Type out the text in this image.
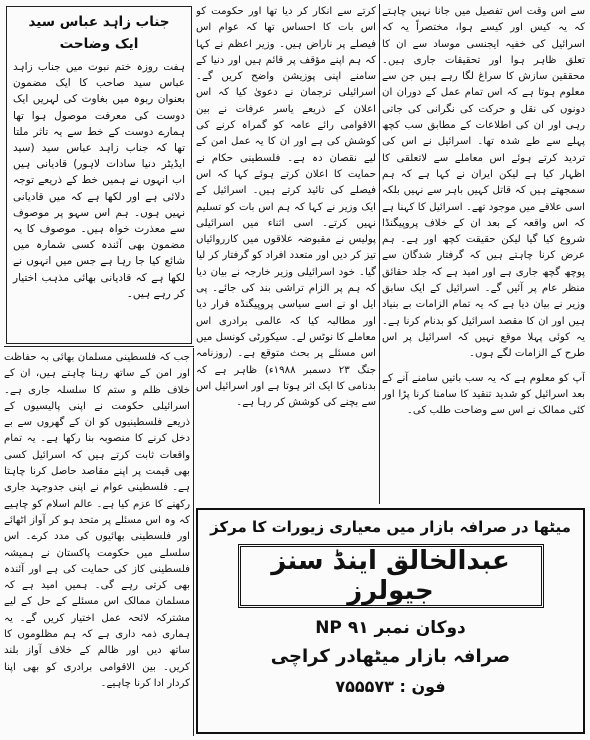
جناب زاہد عباس سید
ایک وضاحت

ہفت روزہ ختم نبوت میں جناب زاہد عباس سید صاحب کا ایک مضمون بعنوان ربوہ میں بغاوت کی لہریں ایک دوست کی معرفت موصول ہوا تھا ہمارے دوست کے خط سے یہ تاثر ملتا تھا کہ جناب زاہد عباس سید (سید ایڈیٹر دنیا سادات لاہور) قادیانی ہیں اب انہوں نے ہمیں خط کے ذریعے توجہ دلائی ہے اور لکھا ہے کہ میں قادیانی نہیں ہوں۔ ہم اس سہو پر موصوف سے معذرت خواہ ہیں۔ موصوف کا یہ مضمون بھی آئندہ کسی شمارہ میں شائع کیا جا رہا ہے جس میں انہوں نے لکھا ہے کہ قادیانی بھائی مذہب اختیار کر رہے ہیں۔

سے اس وقت اس تفصیل میں جانا نہیں چاہتے کہ یہ کیس اور کیسے ہوا، مختصراً یہ کہ اسرائیل کی خفیہ ایجنسی موساد سے ان کا تعلق ظاہر ہوا اور تحقیقات جاری ہیں۔ محققین سازش کا سراغ لگا رہے ہیں جن سے معلوم ہوتا ہے کہ اس تمام عمل کے دوران ان دونوں کی نقل و حرکت کی نگرانی کی جاتی رہی اور ان کی اطلاعات کے مطابق سب کچھ پہلے سے طے شدہ تھا۔ اسرائیل نے اس کی تردید کرتے ہوئے اس معاملے سے لاتعلقی کا اظہار کیا ہے لیکن ایران نے کہا ہے کہ ہم سمجھتے ہیں کہ قاتل کہیں باہر سے نہیں بلکہ اسی علاقے میں موجود تھے۔ اسرائیل کا کہنا ہے کہ اس واقعہ کے بعد ان کے خلاف پروپیگنڈا شروع کیا گیا لیکن حقیقت کچھ اور ہے۔ ہم عرض کرنا چاہتے ہیں کہ گرفتار شدگان سے پوچھ گچھ جاری ہے اور امید ہے کہ جلد حقائق منظر عام پر آئیں گے۔ اسرائیل کے ایک سابق وزیر نے بیان دیا ہے کہ یہ تمام الزامات بے بنیاد ہیں اور ان کا مقصد اسرائیل کو بدنام کرنا ہے۔ یہ کوئی پہلا موقع نہیں کہ اسرائیل پر اس طرح کے الزامات لگے ہوں۔

آپ کو معلوم ہے کہ یہ سب باتیں سامنے آنے کے بعد اسرائیل کو شدید تنقید کا سامنا کرنا پڑا اور کئی ممالک نے اس سے وضاحت طلب کی۔

کرتے سے انکار کر دیا تھا اور حکومت کو اس بات کا احساس تھا کہ عوام اس فیصلے پر ناراض ہیں۔ وزیر اعظم نے کہا کہ ہم اپنے مؤقف پر قائم ہیں اور دنیا کے سامنے اپنی پوزیشن واضح کریں گے۔ اسرائیلی ترجمان نے دعویٰ کیا کہ اس اعلان کے ذریعے یاسر عرفات نے بین الاقوامی رائے عامہ کو گمراہ کرنے کی کوشش کی ہے اور ان کا یہ عمل امن کے لیے نقصان دہ ہے۔ فلسطینی حکام نے حمایت کا اعلان کرتے ہوئے کہا کہ اس فیصلے کی تائید کرتے ہیں۔ اسرائیل کے ایک وزیر نے کہا کہ ہم اس بات کو تسلیم نہیں کرتے۔ اسی اثناء میں اسرائیلی پولیس نے مقبوضہ علاقوں میں کارروائیاں تیز کر دیں اور متعدد افراد کو گرفتار کر لیا گیا۔ خود اسرائیلی وزیر خارجہ نے بیان دیا کہ ہم پر الزام تراشی بند کی جائے۔ پی ایل او نے اسے سیاسی پروپیگنڈہ قرار دیا اور مطالبہ کیا کہ عالمی برادری اس معاملے کا نوٹس لے۔ سیکورٹی کونسل میں اس مسئلے پر بحث متوقع ہے۔ (روزنامہ جنگ ۲۳ دسمبر ۱۹۸۸ء) ظاہر ہے کہ بدنامی کا ایک اثر ہوتا ہے اور اسرائیل اس سے بچنے کی کوشش کر رہا ہے۔

جب کہ فلسطینی مسلمان بھائی بہ حفاظت اور امن کے ساتھ رہنا چاہتے ہیں، ان کے خلاف ظلم و ستم کا سلسلہ جاری ہے۔ اسرائیلی حکومت نے اپنی پالیسیوں کے ذریعے فلسطینیوں کو ان کے گھروں سے بے دخل کرنے کا منصوبہ بنا رکھا ہے۔ یہ تمام واقعات ثابت کرتے ہیں کہ اسرائیل کسی بھی قیمت پر اپنے مقاصد حاصل کرنا چاہتا ہے۔ فلسطینی عوام نے اپنی جدوجہد جاری رکھنے کا عزم کیا ہے۔ عالم اسلام کو چاہیے کہ وہ اس مسئلے پر متحد ہو کر آواز اٹھائے اور فلسطینی بھائیوں کی مدد کرے۔ اس سلسلے میں حکومت پاکستان نے ہمیشہ فلسطینی کاز کی حمایت کی ہے اور آئندہ بھی کرتی رہے گی۔ ہمیں امید ہے کہ مسلمان ممالک اس مسئلے کے حل کے لیے مشترکہ لائحہ عمل اختیار کریں گے۔ یہ ہماری ذمہ داری ہے کہ ہم مظلوموں کا ساتھ دیں اور ظالم کے خلاف آواز بلند کریں۔ بین الاقوامی برادری کو بھی اپنا کردار ادا کرنا چاہیے۔

میٹھا در صرافہ بازار میں معیاری زیورات کا مرکز
عبدالخالق اینڈ سنز جیولرز
دوکان نمبر ۹۱ NP
صرافہ بازار میٹھادر کراچی
فون : ۷۵۵۵۷۳
